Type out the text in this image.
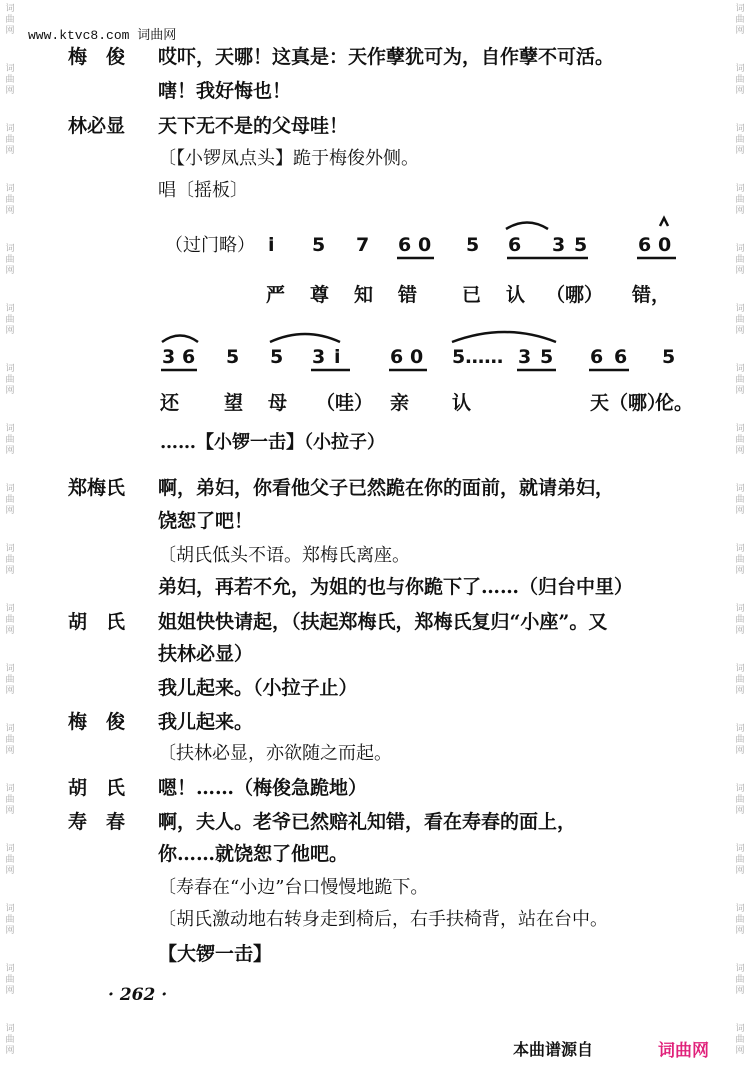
词
曲
网
词
曲
网
词
曲
网
词
曲
网
词
曲
网
词
曲
网
词
曲
网
词
曲
网
词
曲
网
词
曲
网
词
曲
网
词
曲
网
词
曲
网
词
曲
网
词
曲
网
词
曲
网
词
曲
网
词
曲
网
词
曲
网
词
曲
网
词
曲
网
词
曲
网
词
曲
网
词
曲
网
词
曲
网
词
曲
网
词
曲
网
词
曲
网
词
曲
网
词
曲
网
词
曲
网
词
曲
网
词
曲
网
词
曲
网
词
曲
网
词
曲
网
www.ktvc8.com 词曲网
梅　俊	哎吓，天哪！这真是：天作孽犹可为，自作孽不可活。
嗐！我好悔也！
林必显	天下无不是的父母哇！
〔【小锣凤点头】跪于梅俊外侧。
唱〔摇板〕
（过门略） i 5 7 6 0 5 6 3 5	6 0
严 尊 知 错 已 认 （哪） 错，
3 6 5 5 3 i	6 0 5…… 3 5 6 6 5
还 望 母 （哇） 亲 认	天（哪）
伦。
……【小锣一击】（小拉子）
郑梅氏	啊，弟妇，你看他父子已然跪在你的面前，就请弟妇，
饶恕了吧！
〔胡氏低头不语。郑梅氏离座。
弟妇，再若不允，为姐的也与你跪下了……（归台中里）
胡　氏	姐姐快快请起，（扶起郑梅氏，郑梅氏复归“小座”。又
扶林必显）
我儿起来。（小拉子止）
梅　俊	我儿起来。
〔扶林必显，亦欲随之而起。
胡　氏	嗯！……（梅俊急跪地）
寿　春	啊，夫人。老爷已然赔礼知错，看在寿春的面上，
你……就饶恕了他吧。
〔寿春在“小边”台口慢慢地跪下。
〔胡氏激动地右转身走到椅后，右手扶椅背，站在台中。
【大锣一击】
· 262 ·
本曲谱源自	词曲网
